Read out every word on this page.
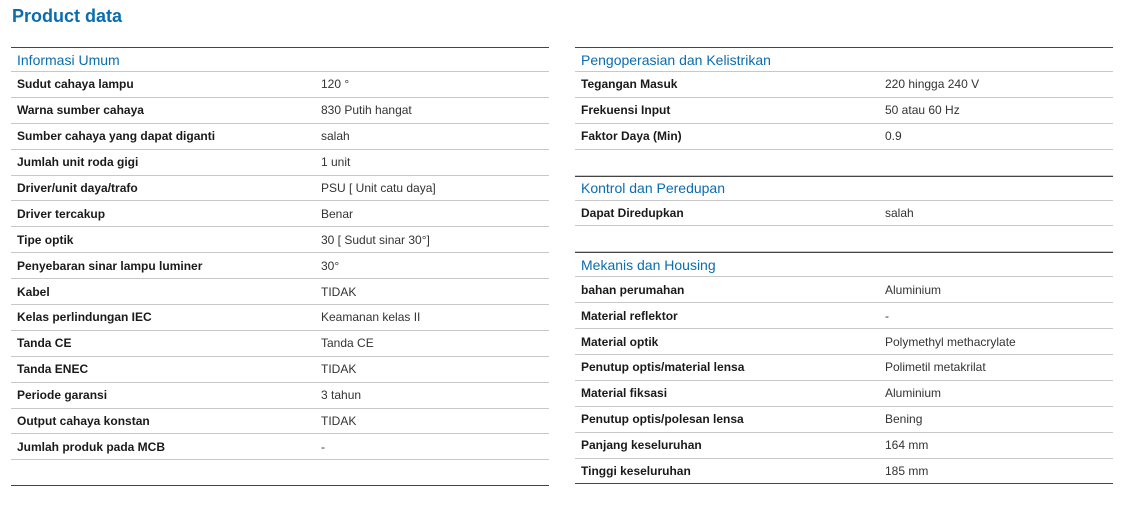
Product data
Informasi Umum
Sudut cahaya lampu	120 °
Warna sumber cahaya	830 Putih hangat
Sumber cahaya yang dapat diganti	salah
Jumlah unit roda gigi	1 unit
Driver/unit daya/trafo	PSU [ Unit catu daya]
Driver tercakup	Benar
Tipe optik	30 [ Sudut sinar 30°]
Penyebaran sinar lampu luminer	30°
Kabel	TIDAK
Kelas perlindungan IEC	Keamanan kelas II
Tanda CE	Tanda CE
Tanda ENEC	TIDAK
Periode garansi	3 tahun
Output cahaya konstan	TIDAK
Jumlah produk pada MCB	-
Pengoperasian dan Kelistrikan
Tegangan Masuk	220 hingga 240 V
Frekuensi Input	50 atau 60 Hz
Faktor Daya (Min)	0.9
Kontrol dan Peredupan
Dapat Diredupkan	salah
Mekanis dan Housing
bahan perumahan	Aluminium
Material reflektor	-
Material optik	Polymethyl methacrylate
Penutup optis/material lensa	Polimetil metakrilat
Material fiksasi	Aluminium
Penutup optis/polesan lensa	Bening
Panjang keseluruhan	164 mm
Tinggi keseluruhan	185 mm
